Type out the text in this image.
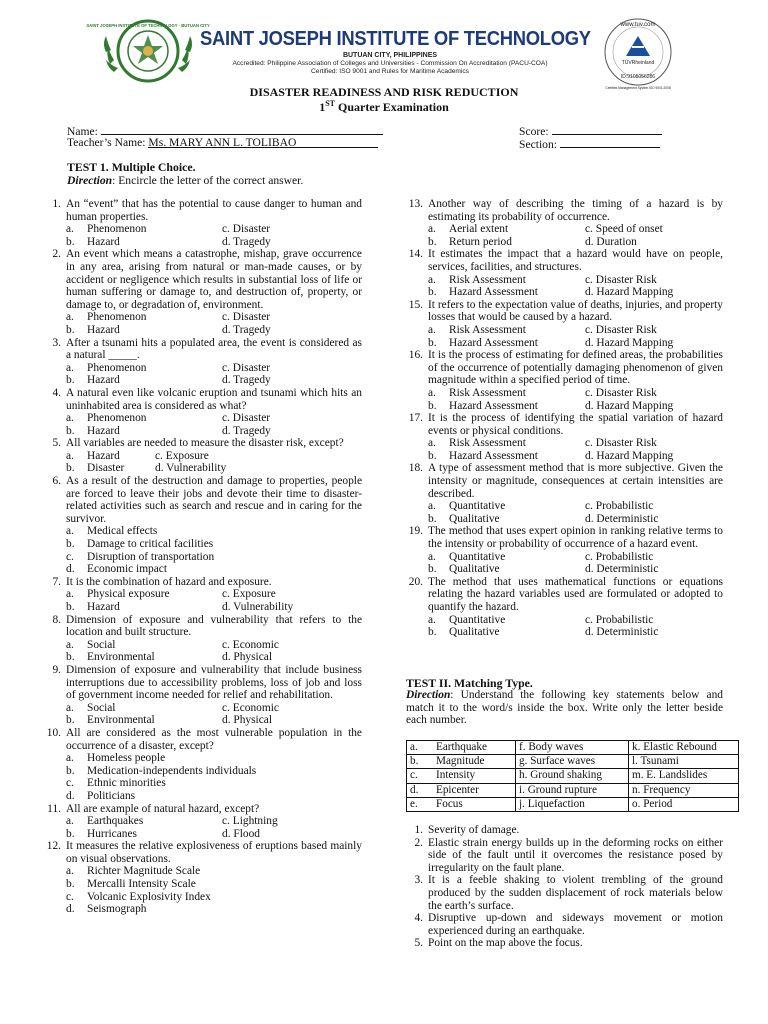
SAINT JOSEPH INSTITUTE OF TECHNOLOGY · BUTUAN CITY
SAINT JOSEPH INSTITUTE OF TECHNOLOGY
BUTUAN CITY, PHILIPPINES
Accredited: Philippine Association of Colleges and Universities - Commission On Accreditation (PACU-COA)
Certified: ISO 9001 and Rules for Maritime Academics
www.tuv.com
TÜVRheinland
ID:9105056286
Certified Management System ISO 9001:2008
DISASTER READINESS AND RISK REDUCTION
1ST Quarter Examination
Name:
Teacher’s Name: Ms. MARY ANN L. TOLIBAO
Score:
Section:
TEST 1. Multiple Choice.
Direction: Encircle the letter of the correct answer.
1. An “event” that has the potential to cause danger to human and human properties.
a.	Phenomenon	c. Disaster
b.	Hazard	d. Tragedy
2. An event which means a catastrophe, mishap, grave occurrence in any area, arising from natural or man-made causes, or by accident or negligence which results in substantial loss of life or human suffering or damage to, and destruction of, property, or damage to, or degradation of, environment.
a.	Phenomenon	c. Disaster
b.	Hazard	d. Tragedy
3. After a tsunami hits a populated area, the event is considered as a natural _____.
a.	Phenomenon	c. Disaster
b.	Hazard	d. Tragedy
4. A natural even like volcanic eruption and tsunami which hits an uninhabited area is considered as what?
a.	Phenomenon	c. Disaster
b.	Hazard	d. Tragedy
5. All variables are needed to measure the disaster risk, except?
a.	Hazard	c. Exposure
b.	Disaster	d. Vulnerability
6. As a result of the destruction and damage to properties, people are forced to leave their jobs and devote their time to disaster-related activities such as search and rescue and in caring for the survivor.
a.	Medical effects
b.	Damage to critical facilities
c.	Disruption of transportation
d.	Economic impact
7. It is the combination of hazard and exposure.
a.	Physical exposure	c. Exposure
b.	Hazard	d. Vulnerability
8. Dimension of exposure and vulnerability that refers to the location and built structure.
a.	Social	c. Economic
b.	Environmental	d. Physical
9. Dimension of exposure and vulnerability that include business interruptions due to accessibility problems, loss of job and loss of government income needed for relief and rehabilitation.
a.	Social	c. Economic
b.	Environmental	d. Physical
10. All are considered as the most vulnerable population in the occurrence of a disaster, except?
a.	Homeless people
b.	Medication-independents individuals
c.	Ethnic minorities
d.	Politicians
11. All are example of natural hazard, except?
a.	Earthquakes	c. Lightning
b.	Hurricanes	d. Flood
12. It measures the relative explosiveness of eruptions based mainly on visual observations.
a.	Richter Magnitude Scale
b.	Mercalli Intensity Scale
c.	Volcanic Explosivity Index
d.	Seismograph
13. Another way of describing the timing of a hazard is by estimating its probability of occurrence.
a.	Aerial extent	c. Speed of onset
b.	Return period	d. Duration
14. It estimates the impact that a hazard would have on people, services, facilities, and structures.
a.	Risk Assessment	c. Disaster Risk
b.	Hazard Assessment	d. Hazard Mapping
15. It refers to the expectation value of deaths, injuries, and property losses that would be caused by a hazard.
a.	Risk Assessment	c. Disaster Risk
b.	Hazard Assessment	d. Hazard Mapping
16. It is the process of estimating for defined areas, the probabilities of the occurrence of potentially damaging phenomenon of given magnitude within a specified period of time.
a.	Risk Assessment	c. Disaster Risk
b.	Hazard Assessment	d. Hazard Mapping
17. It is the process of identifying the spatial variation of hazard events or physical conditions.
a.	Risk Assessment	c. Disaster Risk
b.	Hazard Assessment	d. Hazard Mapping
18. A type of assessment method that is more subjective. Given the intensity or magnitude, consequences at certain intensities are described.
a.	Quantitative	c. Probabilistic
b.	Qualitative	d. Deterministic
19. The method that uses expert opinion in ranking relative terms to the intensity or probability of occurrence of a hazard event.
a.	Quantitative	c. Probabilistic
b.	Qualitative	d. Deterministic
20. The method that uses mathematical functions or equations relating the hazard variables used are formulated or adopted to quantify the hazard.
a.	Quantitative	c. Probabilistic
b.	Qualitative	d. Deterministic
TEST II. Matching Type.
Direction: Understand the following key statements below and match it to the word/s inside the box. Write only the letter beside each number.
a. Earthquake	f. Body waves	k. Elastic Rebound
b. Magnitude	g. Surface waves	l. Tsunami
c. Intensity	h. Ground shaking	m. E. Landslides
d. Epicenter	i. Ground rupture	n. Frequency
e. Focus	j. Liquefaction	o. Period
1. Severity of damage.
2. Elastic strain energy builds up in the deforming rocks on either side of the fault until it overcomes the resistance posed by irregularity on the fault plane.
3. It is a feeble shaking to violent trembling of the ground produced by the sudden displacement of rock materials below the earth’s surface.
4. Disruptive up-down and sideways movement or motion experienced during an earthquake.
5. Point on the map above the focus.
